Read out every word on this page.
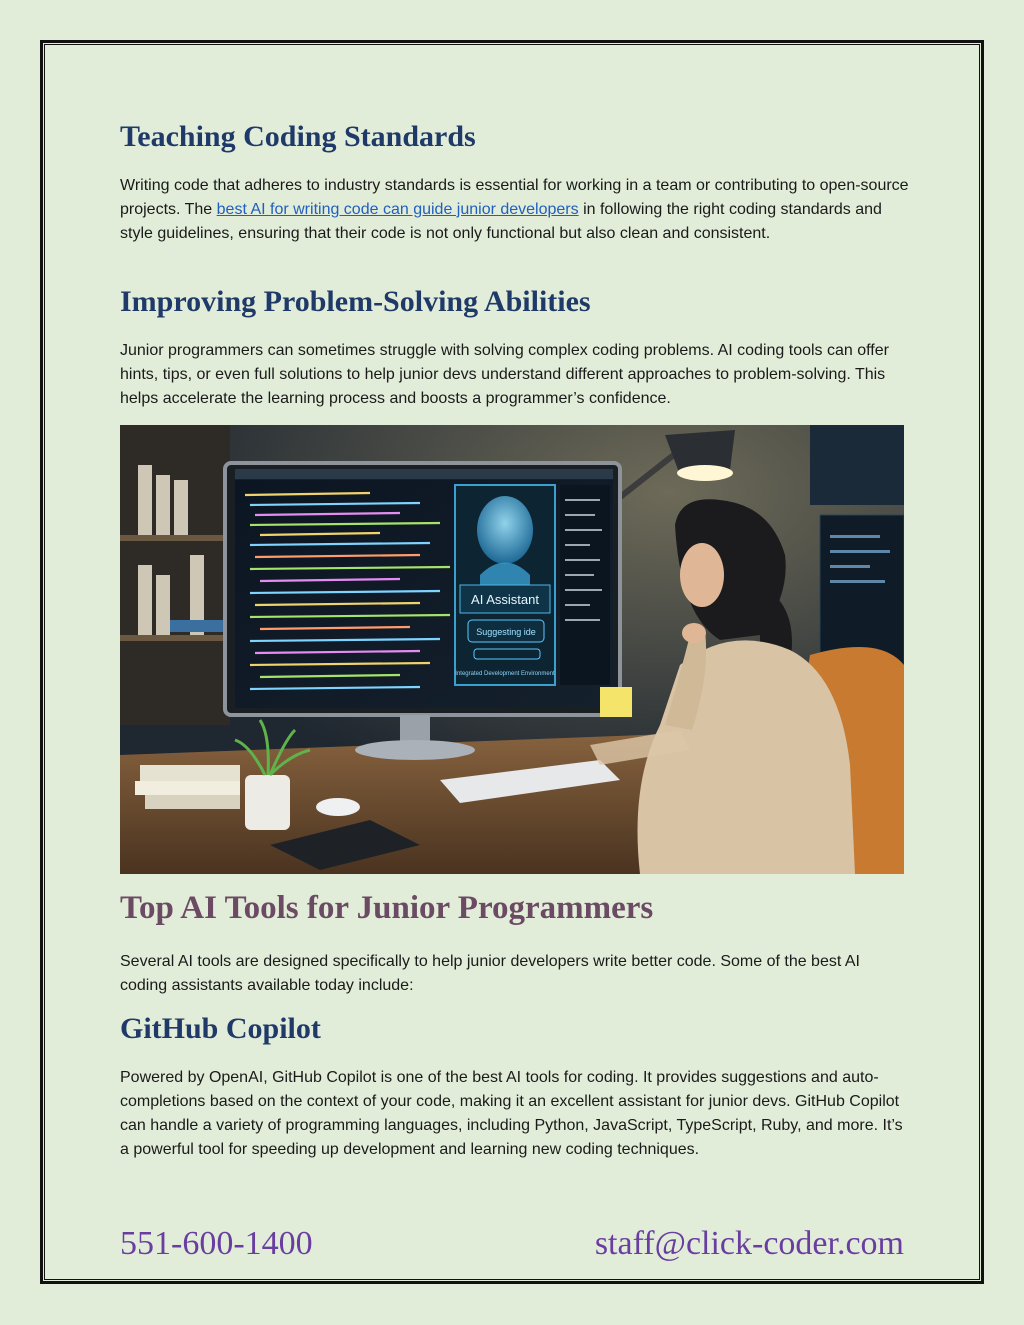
Teaching Coding Standards

Writing code that adheres to industry standards is essential for working in a team or contributing to open-source projects. The best AI for writing code can guide junior developers in following the right coding standards and style guidelines, ensuring that their code is not only functional but also clean and consistent.

Improving Problem-Solving Abilities

Junior programmers can sometimes struggle with solving complex coding problems. AI coding tools can offer hints, tips, or even full solutions to help junior devs understand different approaches to problem-solving. This helps accelerate the learning process and boosts a programmer’s confidence.

AI Assistant
Suggesting ide
Integrated Development Environment
Top AI Tools for Junior Programmers

Several AI tools are designed specifically to help junior developers write better code. Some of the best AI coding assistants available today include:

GitHub Copilot

Powered by OpenAI, GitHub Copilot is one of the best AI tools for coding. It provides suggestions and auto-completions based on the context of your code, making it an excellent assistant for junior devs. GitHub Copilot can handle a variety of programming languages, including Python, JavaScript, TypeScript, Ruby, and more. It’s a powerful tool for speeding up development and learning new coding techniques.

551-600-1400	staff@click-coder.com
